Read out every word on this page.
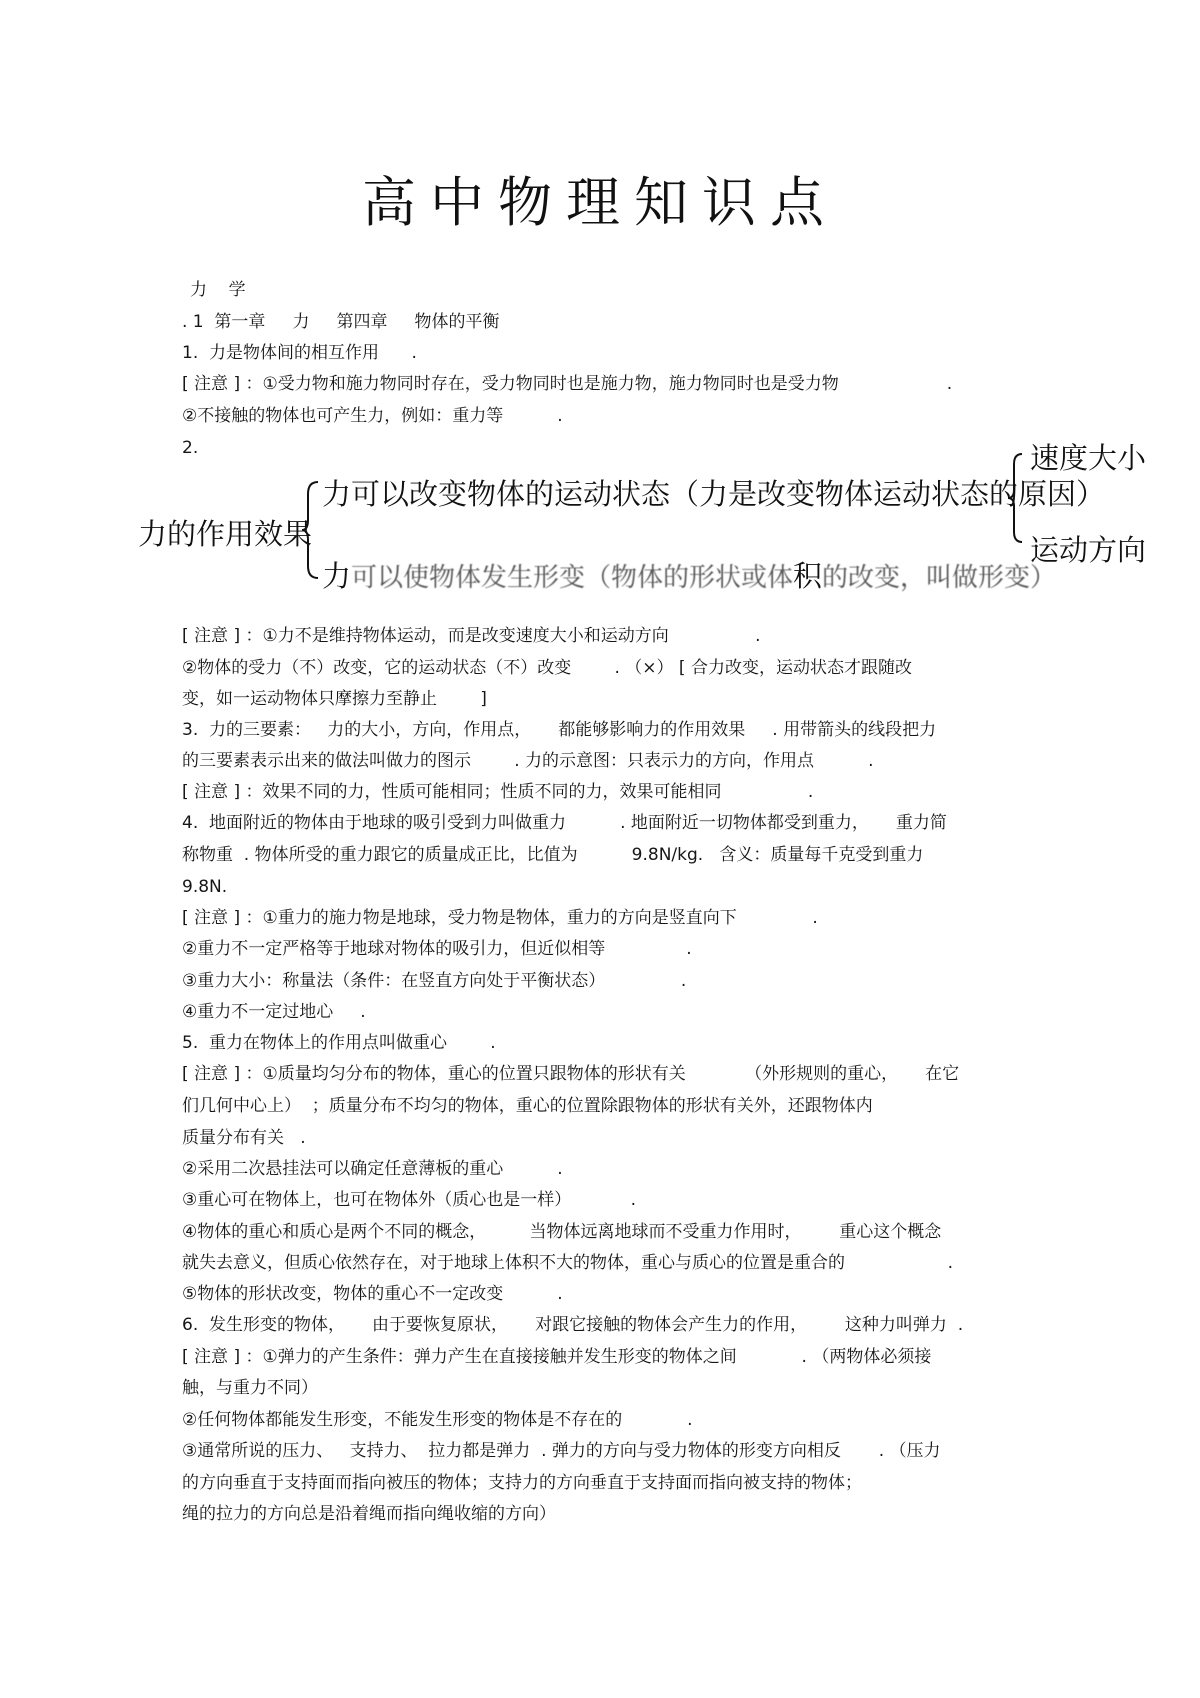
高中物理知识点
力    学
. 1  第一章     力     第四章     物体的平衡
1.  力是物体间的相互作用      .
[ 注意 ] ：①受力物和施力物同时存在，受力物同时也是施力物，施力物同时也是受力物                    .
②不接触的物体也可产生力，例如：重力等          .
2.
力的作用效果
力可以改变物体的运动状态（力是改变物体运动状态的原因）
力可以使物体发生形变（物体的形状或体积的改变，叫做形变）
速度大小
运动方向
[ 注意 ] ：①力不是维持物体运动，而是改变速度大小和运动方向                .
②物体的受力（不）改变，它的运动状态（不）改变        . （×） [ 合力改变，运动状态才跟随改
变，如一运动物体只摩擦力至静止        ]
3.  力的三要素：   力的大小，方向，作用点，     都能够影响力的作用效果     . 用带箭头的线段把力
的三要素表示出来的做法叫做力的图示        . 力的示意图：只表示力的方向，作用点          .
[ 注意 ] ：效果不同的力，性质可能相同；性质不同的力，效果可能相同                .
4.  地面附近的物体由于地球的吸引受到力叫做重力          . 地面附近一切物体都受到重力，     重力简
称物重  . 物体所受的重力跟它的质量成正比，比值为          9.8N/kg.   含义：质量每千克受到重力
9.8N.
[ 注意 ] ：①重力的施力物是地球，受力物是物体，重力的方向是竖直向下              .
②重力不一定严格等于地球对物体的吸引力，但近似相等               .
③重力大小：称量法（条件：在竖直方向处于平衡状态）              .
④重力不一定过地心     .
5.  重力在物体上的作用点叫做重心        .
[ 注意 ] ：①质量均匀分布的物体，重心的位置只跟物体的形状有关           （外形规则的重心，     在它
们几何中心上）  ；质量分布不均匀的物体，重心的位置除跟物体的形状有关外，还跟物体内
质量分布有关   .
②采用二次悬挂法可以确定任意薄板的重心          .
③重心可在物体上，也可在物体外（质心也是一样）           .
④物体的重心和质心是两个不同的概念，        当物体远离地球而不受重力作用时，       重心这个概念
就失去意义，但质心依然存在，对于地球上体积不大的物体，重心与质心的位置是重合的                   .
⑤物体的形状改变，物体的重心不一定改变          .
6.  发生形变的物体，     由于要恢复原状，     对跟它接触的物体会产生力的作用，       这种力叫弹力  .
[ 注意 ] ：①弹力的产生条件：弹力产生在直接接触并发生形变的物体之间            . （两物体必须接
触，与重力不同）
②任何物体都能发生形变，不能发生形变的物体是不存在的            .
③通常所说的压力、   支持力、  拉力都是弹力  . 弹力的方向与受力物体的形变方向相反       . （压力
的方向垂直于支持面而指向被压的物体；支持力的方向垂直于支持面而指向被支持的物体；
绳的拉力的方向总是沿着绳而指向绳收缩的方向）
